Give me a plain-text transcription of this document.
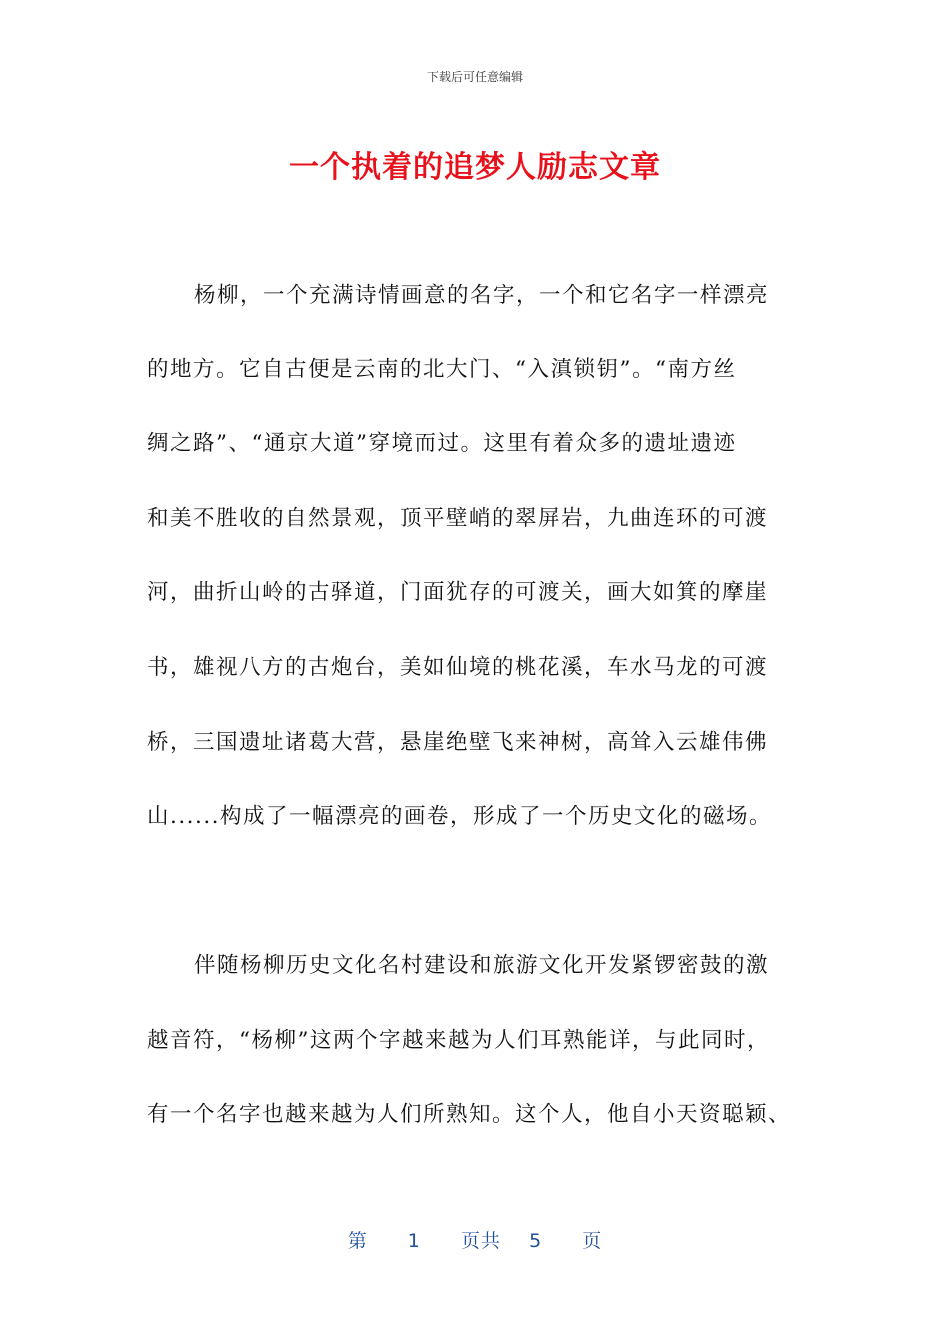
下载后可任意编辑
一个执着的追梦人励志文章
杨柳，一个充满诗情画意的名字，一个和它名字一样漂亮
的地方。它自古便是云南的北大门、“入滇锁钥”。“南方丝
绸之路”、“通京大道”穿境而过。这里有着众多的遗址遗迹
和美不胜收的自然景观，顶平壁峭的翠屏岩，九曲连环的可渡
河，曲折山岭的古驿道，门面犹存的可渡关，画大如箕的摩崖
书，雄视八方的古炮台，美如仙境的桃花溪，车水马龙的可渡
桥，三国遗址诸葛大营，悬崖绝壁飞来神树，高耸入云雄伟佛
山......构成了一幅漂亮的画卷，形成了一个历史文化的磁场。
伴随杨柳历史文化名村建设和旅游文化开发紧锣密鼓的激
越音符，“杨柳”这两个字越来越为人们耳熟能详，与此同时，
有一个名字也越来越为人们所熟知。这个人，他自小天资聪颖、
第 1 页共 5 页
